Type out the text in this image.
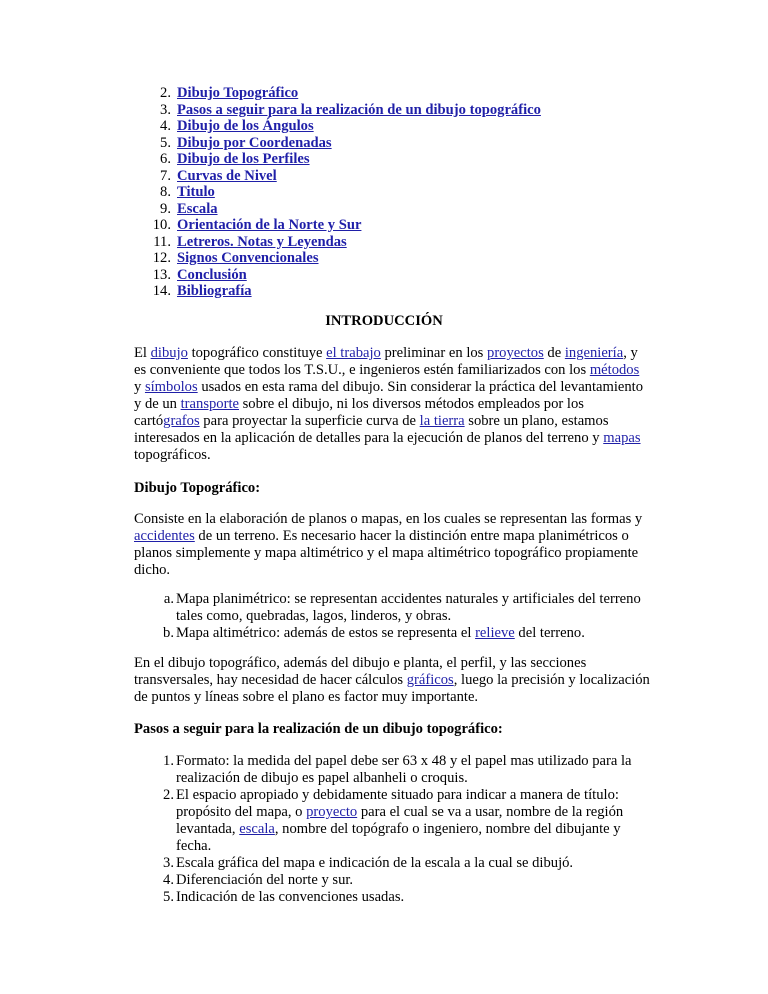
2. Dibujo Topográfico
3. Pasos a seguir para la realización de un dibujo topográfico
4. Dibujo de los Ángulos
5. Dibujo por Coordenadas
6. Dibujo de los Perfiles
7. Curvas de Nivel
8. Titulo
9. Escala
10. Orientación de la Norte y Sur
11. Letreros. Notas y Leyendas
12. Signos Convencionales
13. Conclusión
14. Bibliografía
INTRODUCCIÓN
El dibujo topográfico constituye el trabajo preliminar en los proyectos de ingeniería, y
es conveniente que todos los T.S.U., e ingenieros estén familiarizados con los métodos
y símbolos usados en esta rama del dibujo. Sin considerar la práctica del levantamiento
y de un transporte sobre el dibujo, ni los diversos métodos empleados por los
cartógrafos para proyectar la superficie curva de la tierra sobre un plano, estamos
interesados en la aplicación de detalles para la ejecución de planos del terreno y mapas
topográficos.
Dibujo Topográfico:
Consiste en la elaboración de planos o mapas, en los cuales se representan las formas y
accidentes de un terreno. Es necesario hacer la distinción entre mapa planimétricos o
planos simplemente y mapa altimétrico y el mapa altimétrico topográfico propiamente
dicho.
a. Mapa planimétrico: se representan accidentes naturales y artificiales del terreno
tales como, quebradas, lagos, linderos, y obras.
b. Mapa altimétrico: además de estos se representa el relieve del terreno.
En el dibujo topográfico, además del dibujo e planta, el perfil, y las secciones
transversales, hay necesidad de hacer cálculos gráficos, luego la precisión y localización
de puntos y líneas sobre el plano es factor muy importante.
Pasos a seguir para la realización de un dibujo topográfico:
1. Formato: la medida del papel debe ser 63 x 48 y el papel mas utilizado para la
realización de dibujo es papel albanheli o croquis.
2. El espacio apropiado y debidamente situado para indicar a manera de título:
propósito del mapa, o proyecto para el cual se va a usar, nombre de la región
levantada, escala, nombre del topógrafo o ingeniero, nombre del dibujante y
fecha.
3. Escala gráfica del mapa e indicación de la escala a la cual se dibujó.
4. Diferenciación del norte y sur.
5. Indicación de las convenciones usadas.
